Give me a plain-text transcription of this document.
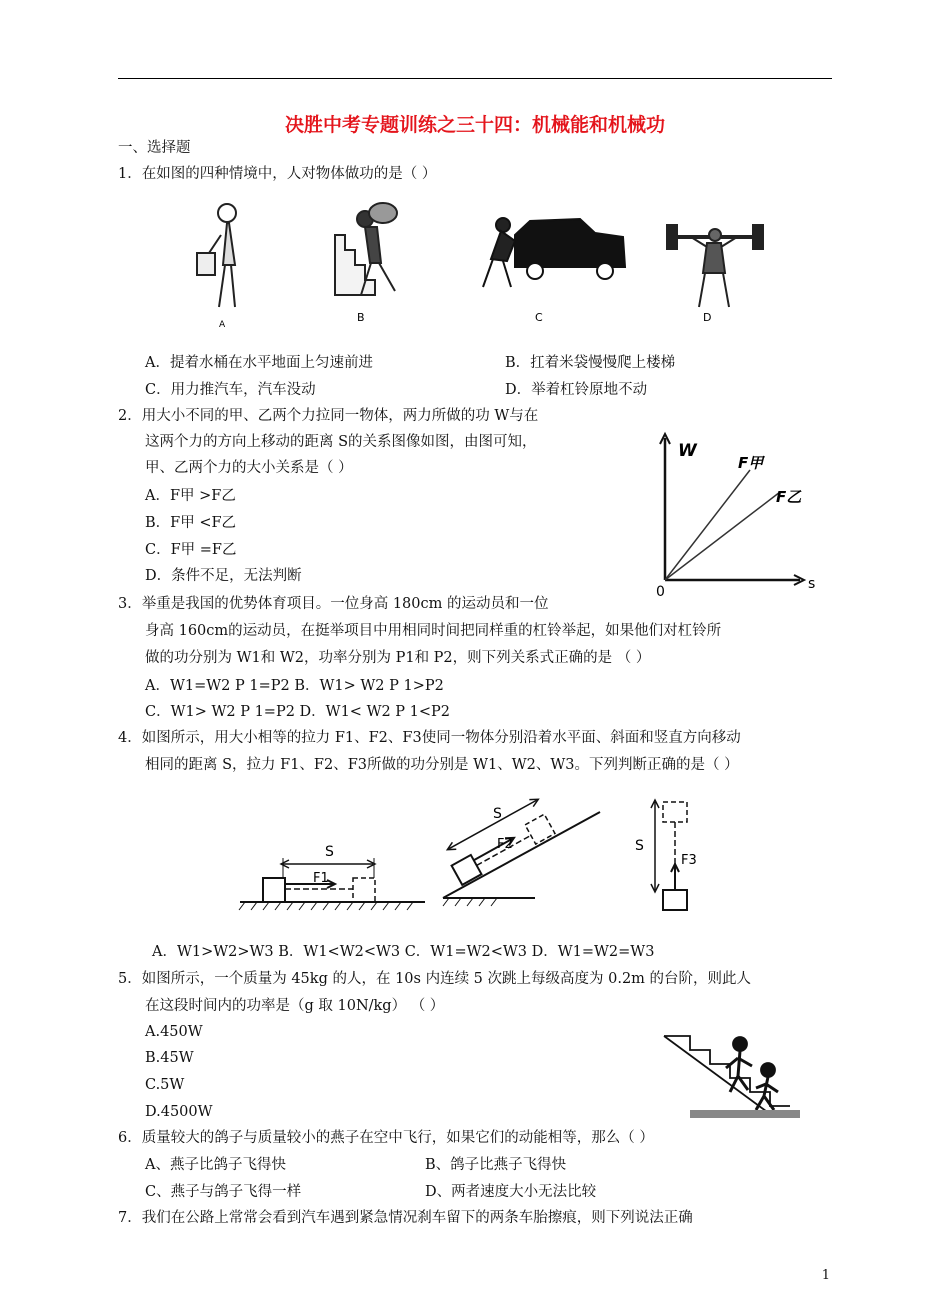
决胜中考专题训练之三十四：机械能和机械功
一、选择题
1．在如图的四种情境中，人对物体做功的是（ ）
A
B	C	D
A．提着水桶在水平地面上匀速前进	B．扛着米袋慢慢爬上楼梯
C．用力推汽车，汽车没动	D．举着杠铃原地不动
2．用大小不同的甲、乙两个力拉同一物体，两力所做的功 W与在
这两个力的方向上移动的距离 S的关系图像如图，由图可知，
甲、乙两个力的大小关系是（ ）
A．F甲 >F乙
B．F甲 <F乙
C．F甲 =F乙
D．条件不足，无法判断
W
s
0
F甲
F乙
3．举重是我国的优势体育项目。一位身高 180cm 的运动员和一位
身高 160cm的运动员，在挺举项目中用相同时间把同样重的杠铃举起，如果他们对杠铃所
做的功分别为 W1和 W2，功率分别为 P1和 P2，则下列关系式正确的是 （ ）
A．W1=W2 P 1=P2 B．W1> W2 P 1>P2
C．W1> W2 P 1=P2 D．W1< W2 P 1<P2
4．如图所示，用大小相等的拉力 F1、F2、F3使同一物体分别沿着水平面、斜面和竖直方向移动
相同的距离 S，拉力 F1、F2、F3所做的功分别是 W1、W2、W3。下列判断正确的是（ ）
S
F1
S
F2	S
F3
A．W1>W2>W3 B．W1<W2<W3 C．W1=W2<W3 D．W1=W2=W3
5．如图所示，一个质量为 45kg 的人，在 10s 内连续 5 次跳上每级高度为 0.2m 的台阶，则此人
在这段时间内的功率是（g 取 10N/kg） （ ）
A.450W
B.45W
C.5W
D.4500W
6．质量较大的鸽子与质量较小的燕子在空中飞行，如果它们的动能相等，那么（ ）
A、燕子比鸽子飞得快	B、鸽子比燕子飞得快
C、燕子与鸽子飞得一样	D、两者速度大小无法比较
7．我们在公路上常常会看到汽车遇到紧急情况刹车留下的两条车胎擦痕，则下列说法正确
1
